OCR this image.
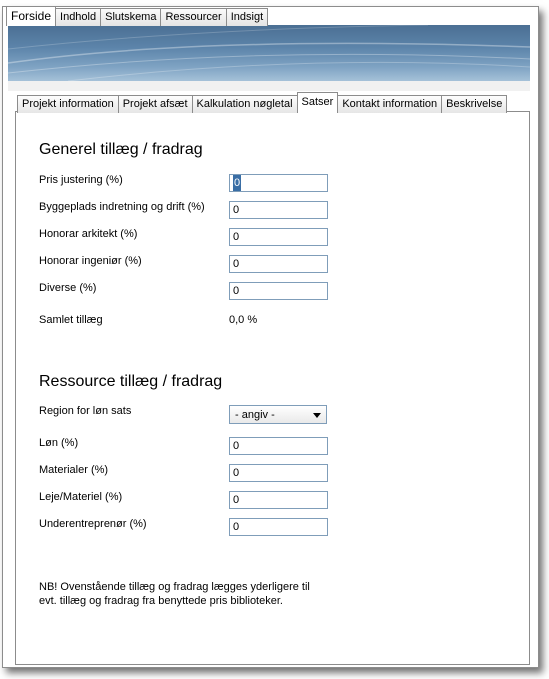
Forside Indhold Slutskema Ressourcer Indsigt
Projekt information Projekt afsæt Kalkulation nøgletal Satser Kontakt information Beskrivelse
Generel tillæg / fradrag
Pris justering (%)	0
Byggeplads indretning og drift (%)	0
Honorar arkitekt (%)	0
Honorar ingeniør (%)	0
Diverse (%)	0
Samlet tillæg	0,0 %
Ressource tillæg / fradrag
Region for løn sats	- angiv -
Løn (%)	0
Materialer (%)	0
Leje/Materiel (%)	0
Underentreprenør (%)	0
NB! Ovenstående tillæg og fradrag lægges yderligere til
evt. tillæg og fradrag fra benyttede pris biblioteker.
